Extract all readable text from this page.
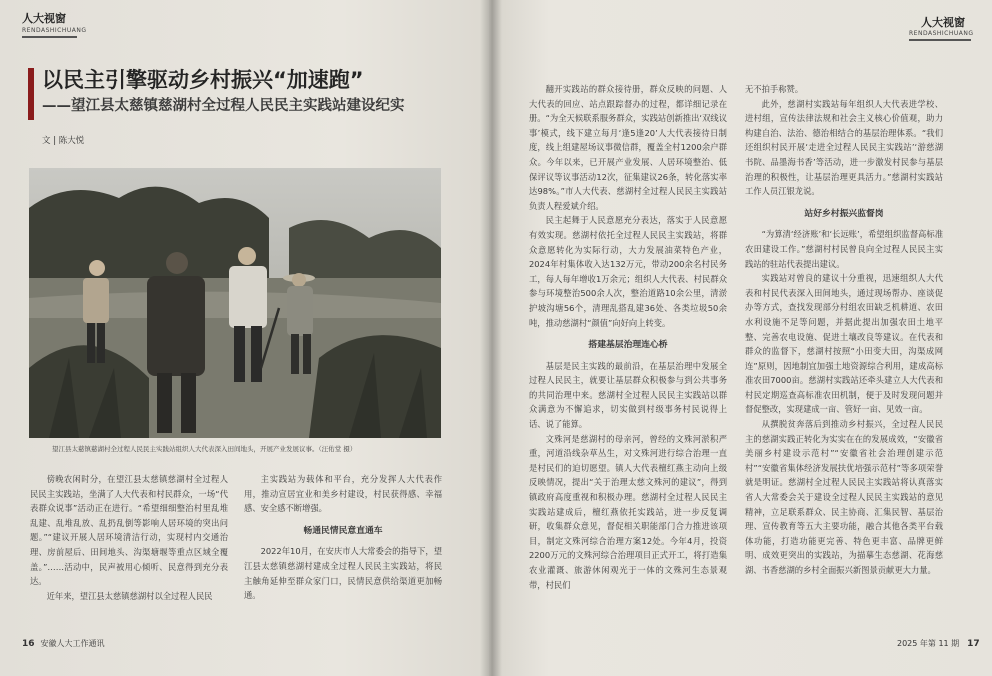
人大视窗
RENDASHICHUANG
以民主引擎驱动乡村振兴“加速跑”
——望江县太慈镇慈湖村全过程人民民主实践站建设纪实
文 | 陈大悦
望江县太慈镇慈湖村全过程人民民主实践站组织人大代表深入田间地头，开展产业发展议事。（汪佑堂 摄）

傍晚农闲时分，在望江县太慈镇慈湖村全过程人民民主实践站，坐满了人大代表和村民群众，一场“代表群众说事”活动正在进行。“希望细细整治村里乱堆乱建、乱堆乱放、乱扔乱倒等影响人居环境的突出问题。”“建议开展人居环境清洁行动，实现村内交通治理、房前屋后、田间地头、沟渠塘堰等重点区域全覆盖。”……活动中，民声被用心倾听、民意得到充分表达。

近年来，望江县太慈镇慈湖村以全过程人民民

主实践站为载体和平台，充分发挥人大代表作用，推动宣居宜业和美乡村建设，村民获得感、幸福感、安全感不断增强。

畅通民情民意直通车

2022年10月，在安庆市人大常委会的指导下，望江县太慈镇慈湖村建成全过程人民民主实践站，将民主触角延伸至群众家门口，民情民意供给渠道更加畅通。

16 安徽人大工作通讯
人大视窗
RENDASHICHUANG

翻开实践站的群众接待册，群众反映的问题、人大代表的回应、站点跟踪督办的过程，都详细记录在册。“为全天候联系服务群众，实践站创新推出‘双线议事’模式，线下建立每月‘逢5逢20’人大代表接待日制度，线上组建屋场议事微信群，覆盖全村1200余户群众。今年以来，已开展产业发展、人居环境整治、低保评议等议事活动12次，征集建议26条，转化落实率达98%。”市人大代表、慈湖村全过程人民民主实践站负责人程爱斌介绍。

民主起舞于人民意愿充分表达，落实于人民意愿有效实现。慈湖村依托全过程人民民主实践站，将群众意愿转化为实际行动，大力发展油菜特色产业，2024年村集体收入达132万元，带动200余名村民务工，每人每年增收1万余元；组织人大代表、村民群众参与环境整治500余人次，整治道路10余公里，清淤护坡沟塘56个，清理乱搭乱建36处、各类垃圾50余吨，推动慈湖村“颜值”向好向上转变。

搭建基层治理连心桥

基层是民主实践的最前沿，在基层治理中发展全过程人民民主，就要让基层群众积极参与到公共事务的共同治理中来。慈湖村全过程人民民主实践站以群众满意为不懈追求，切实做到村级事务村民说得上话、说了能算。

文殊河是慈湖村的母亲河，曾经的文殊河淤积严重，河道沿线杂草丛生，对文殊河进行综合治理一直是村民们的迫切愿望。镇人大代表檀红燕主动向上级反映情况，提出“关于治理太慈文殊河的建议”，得到镇政府高度重视和积极办理。慈湖村全过程人民民主实践站建成后，檀红燕依托实践站，进一步反复调研，收集群众意见，督促相关职能部门合力推进该项目，制定文殊河综合治理方案12处。今年4月，投资2200万元的文殊河综合治理项目正式开工，将打造集农业灌溉、旅游休闲观光于一体的文殊河生态景观带，村民们

无不拍手称赞。

此外，慈湖村实践站每年组织人大代表进学校、进村组，宣传法律法规和社会主义核心价值观，助力构建自治、法治、德治相结合的基层治理体系。“我们还组织村民开展‘走进全过程人民民主实践站’‘游慈湖书院、品墨海书香’等活动，进一步激发村民参与基层治理的积极性，让基层治理更具活力。”慈湖村实践站工作人员江银龙说。

站好乡村振兴监督岗

“为算清‘经济账’和‘长远账’，希望组织监督高标准农田建设工作。”慈湖村村民曾良向全过程人民民主实践站的驻站代表提出建议。

实践站对曾良的建议十分重视，迅速组织人大代表和村民代表深入田间地头，通过现场帮办、座谈促办等方式，查找发现部分村组农田缺乏机耕道、农田水利设施不足等问题，并据此提出加强农田土地平整、完善农电设施、促进土壤改良等建议。在代表和群众的监督下，慈湖村按照“小田变大田，沟渠成网连”原则，因地制宜加强土地资源综合利用，建成高标准农田7000亩。慈湖村实践站还牵头建立人大代表和村民定期巡查高标准农田机制，便于及时发现问题并督促整改，实现建成一亩、管好一亩、见效一亩。

从撰脱贫奔落后到推动乡村振兴，全过程人民民主的慈湖实践正转化为实实在在的发展成效，“安徽省美丽乡村建设示范村”“安徽省社会治理创建示范村”“安徽省集体经济发展扶优培强示范村”等多项荣誉就是明证。慈湖村全过程人民民主实践站将认真落实省人大常委会关于建设全过程人民民主实践站的意见精神，立足联系群众、民主协商、汇集民智、基层治理、宣传教育等五大主要功能，融合其他各类平台载体功能，打造功能更完善、特色更丰富、品牌更鲜明、成效更突出的实践站，为描摹生态慈湖、花海慈湖、书香慈湖的乡村全面振兴新图景贡献更大力量。

2025 年第 11 期 17
